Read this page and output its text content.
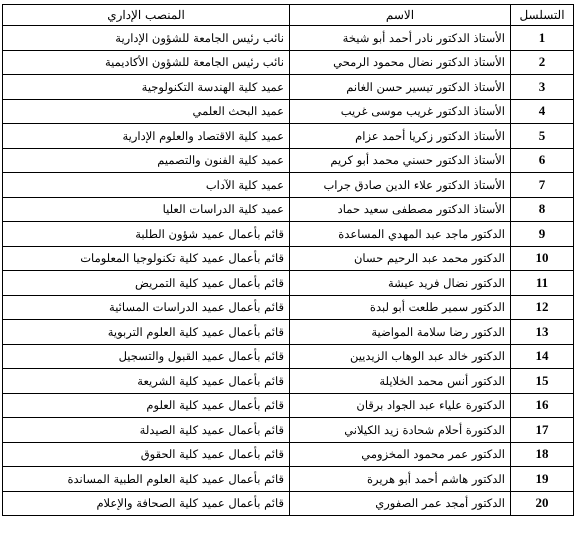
التسلسل	الاسم	المنصب الإداري
1	الأستاذ الدكتور نادر أحمد أبو شيخة	نائب رئيس الجامعة للشؤون الإدارية
2	الأستاذ الدكتور نضال محمود الرمحي	نائب رئيس الجامعة للشؤون الأكاديمية
3	الأستاذ الدكتور تيسير حسن الغانم	عميد كلية الهندسة التكنولوجية
4	الأستاذ الدكتور غريب موسى غريب	عميد البحث العلمي
5	الأستاذ الدكتور زكريا أحمد عزام	عميد كلية الاقتصاد والعلوم الإدارية
6	الأستاذ الدكتور حسني محمد أبو كريم	عميد كلية الفنون والتصميم
7	الأستاذ الدكتور علاء الدين صادق جراب	عميد كلية الآداب
8	الأستاذ الدكتور مصطفى سعيد حماد	عميد كلية الدراسات العليا
9	الدكتور ماجد عبد المهدي المساعدة	قائم بأعمال عميد شؤون الطلبة
10	الدكتور محمد عبد الرحيم حسان	قائم بأعمال عميد كلية تكنولوجيا المعلومات
11	الدكتور نضال فريد عيشة	قائم بأعمال عميد كلية التمريض
12	الدكتور سمير طلعت أبو لبدة	قائم بأعمال عميد الدراسات المسائية
13	الدكتور رضا سلامة المواضية	قائم بأعمال عميد كلية العلوم التربوية
14	الدكتور خالد عبد الوهاب الزيديين	قائم بأعمال عميد القبول والتسجيل
15	الدكتور أنس محمد الخلايلة	قائم بأعمال عميد كلية الشريعة
16	الدكتورة علياء عبد الجواد برقان	قائم بأعمال عميد كلية العلوم
17	الدكتورة أحلام شحادة زيد الكيلاني	قائم بأعمال عميد كلية الصيدلة
18	الدكتور عمر محمود المخزومي	قائم بأعمال عميد كلية الحقوق
19	الدكتور هاشم أحمد أبو هريرة	قائم بأعمال عميد كلية العلوم الطبية المساندة
20	الدكتور أمجد عمر الصفوري	قائم بأعمال عميد كلية الصحافة والإعلام
